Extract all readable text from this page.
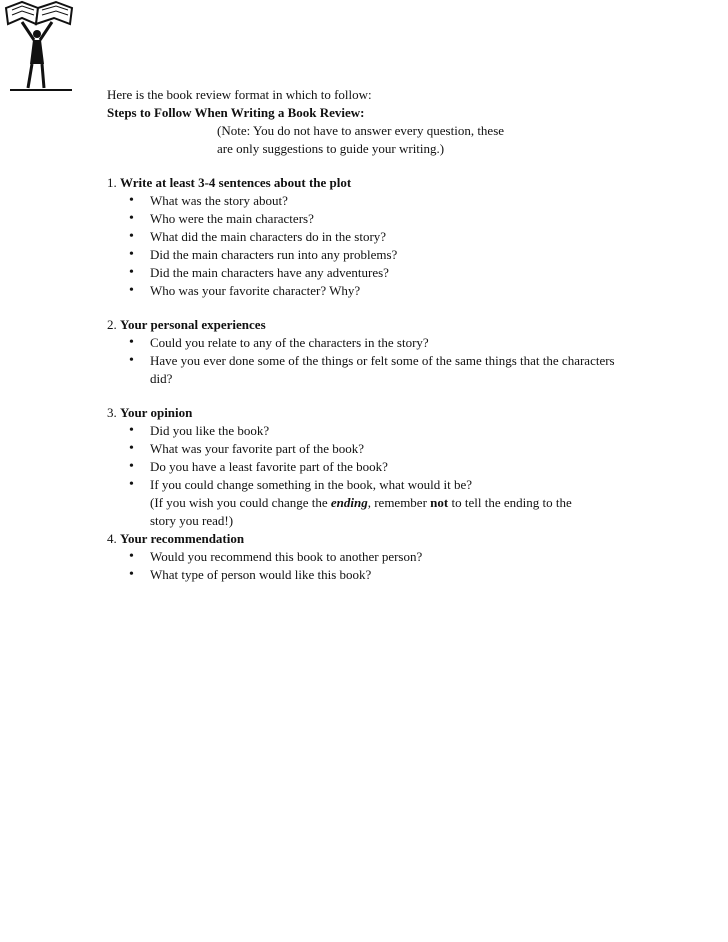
Here is the book review format in which to follow:

Steps to Follow When Writing a Book Review:

(Note: You do not have to answer every question, these

are only suggestions to guide your writing.)

1. Write at least 3-4 sentences about the plot

• What was the story about?
• Who were the main characters?
• What did the main characters do in the story?
• Did the main characters run into any problems?
• Did the main characters have any adventures?
• Who was your favorite character? Why?

2. Your personal experiences

• Could you relate to any of the characters in the story?
• Have you ever done some of the things or felt some of the same things that the characters did?

3. Your opinion

• Did you like the book?
• What was your favorite part of the book?
• Do you have a least favorite part of the book?
• If you could change something in the book, what would it be?
(If you wish you could change the ending, remember not to tell the ending to the
story you read!)

4. Your recommendation

• Would you recommend this book to another person?
• What type of person would like this book?
